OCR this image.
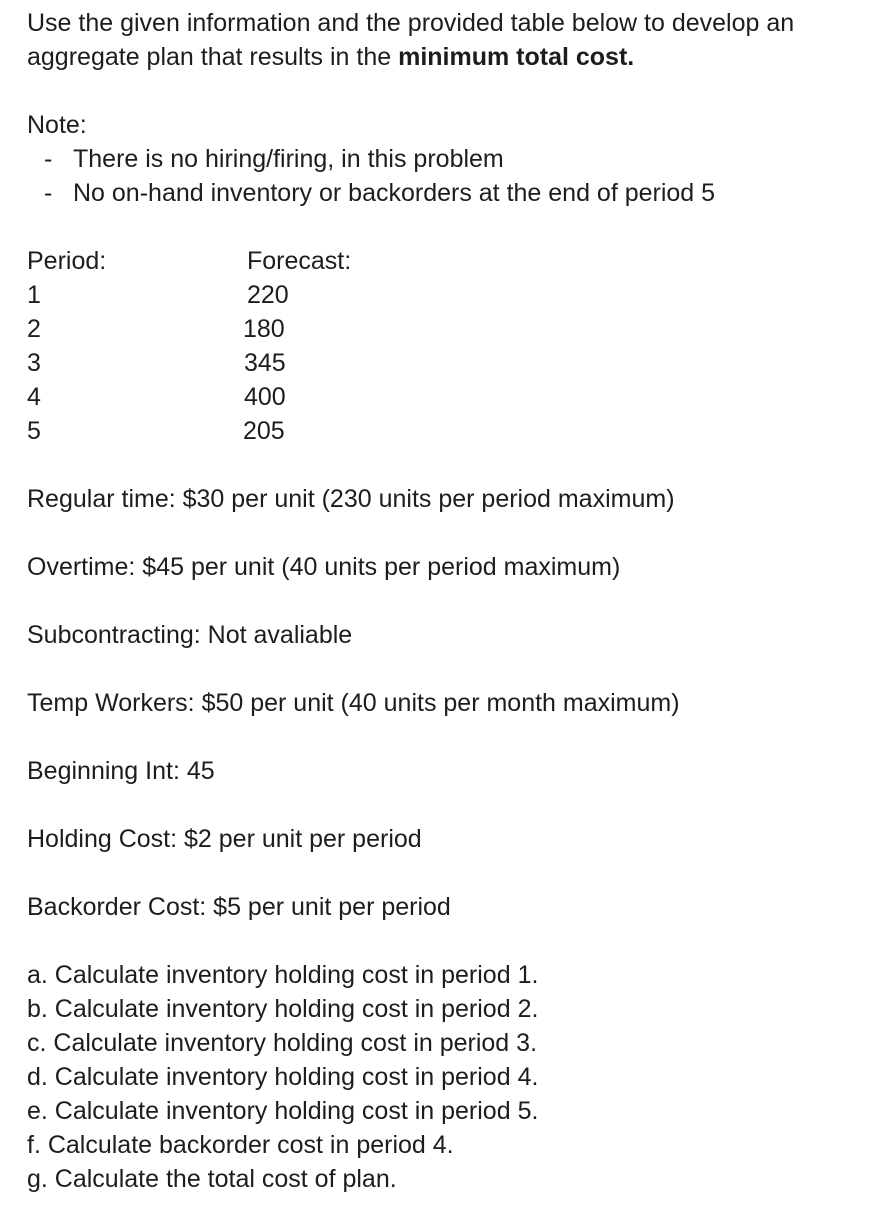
Use the given information and the provided table below to develop an
aggregate plan that results in the minimum total cost.
Note:
- There is no hiring/firing, in this problem
- No on-hand inventory or backorders at the end of period 5
Period:	Forecast:
1	220
2	180
3	345
4	400
5	205
Regular time: $30 per unit (230 units per period maximum)
Overtime: $45 per unit (40 units per period maximum)
Subcontracting: Not avaliable
Temp Workers: $50 per unit (40 units per month maximum)
Beginning Int: 45
Holding Cost: $2 per unit per period
Backorder Cost: $5 per unit per period
a. Calculate inventory holding cost in period 1.
b. Calculate inventory holding cost in period 2.
c. Calculate inventory holding cost in period 3.
d. Calculate inventory holding cost in period 4.
e. Calculate inventory holding cost in period 5.
f. Calculate backorder cost in period 4.
g. Calculate the total cost of plan.
